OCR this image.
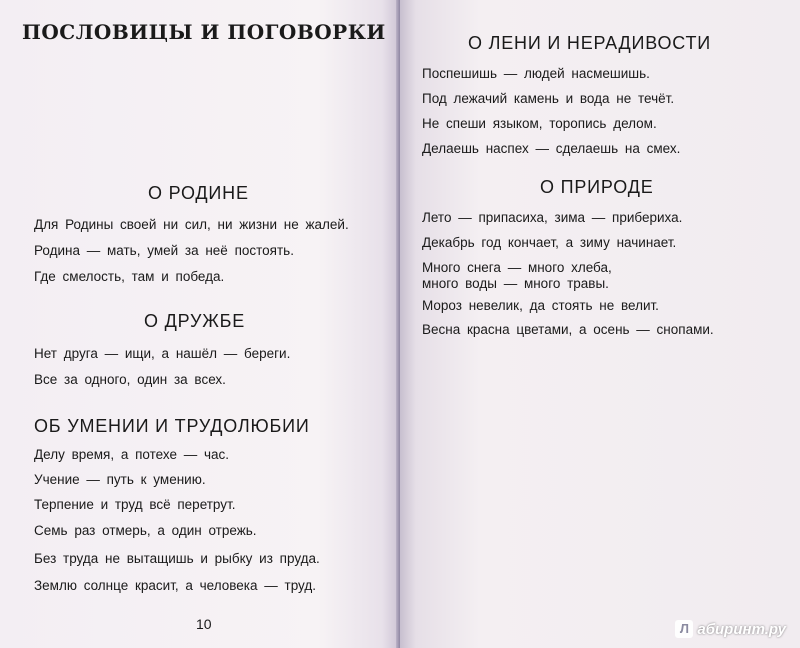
ПОСЛОВИЦЫ И ПОГОВОРКИ
О РОДИНЕ

Для Родины своей ни сил, ни жизни не жалей.

Родина — мать, умей за неё постоять.

Где смелость, там и победа.

О ДРУЖБЕ

Нет друга — ищи, а нашёл — береги.

Все за одного, один за всех.

ОБ УМЕНИИ И ТРУДОЛЮБИИ

Делу время, а потехе — час.

Учение — путь к умению.

Терпение и труд всё перетрут.

Семь раз отмерь, а один отрежь.

Без труда не вытащишь и рыбку из пруда.

Землю солнце красит, а человека — труд.

10
О ЛЕНИ И НЕРАДИВОСТИ

Поспешишь — людей насмешишь.

Под лежачий камень и вода не течёт.

Не спеши языком, торопись делом.

Делаешь наспех — сделаешь на смех.

О ПРИРОДЕ

Лето — припасиха, зима — прибериха.

Декабрь год кончает, а зиму начинает.

Много снега — много хлеба,

много воды — много травы.

Мороз невелик, да стоять не велит.

Весна красна цветами, а осень — снопами.

Л абиринт.ру
